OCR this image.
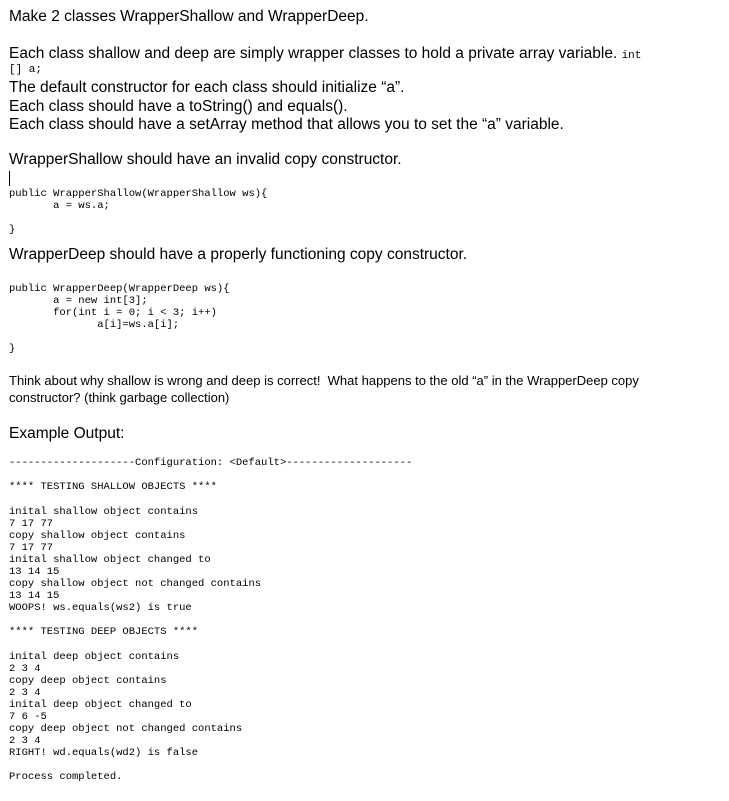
Make 2 classes WrapperShallow and WrapperDeep.

Each class shallow and deep are simply wrapper classes to hold a private array variable. int

[] a;

The default constructor for each class should initialize “a”.

Each class should have a toString() and equals().

Each class should have a setArray method that allows you to set the “a” variable.

WrapperShallow should have an invalid copy constructor.

public WrapperShallow(WrapperShallow ws){
a = ws.a;
}

WrapperDeep should have a properly functioning copy constructor.

public WrapperDeep(WrapperDeep ws){
a = new int[3];
for(int i = 0; i < 3; i++)
a[i]=ws.a[i];
}

Think about why shallow is wrong and deep is correct!  What happens to the old “a” in the WrapperDeep copy

constructor? (think garbage collection)

Example Output:

--------------------Configuration: <Default>--------------------
**** TESTING SHALLOW OBJECTS ****
inital shallow object contains
7 17 77
copy shallow object contains
7 17 77
inital shallow object changed to
13 14 15
copy shallow object not changed contains
13 14 15
WOOPS! ws.equals(ws2) is true
**** TESTING DEEP OBJECTS ****
inital deep object contains
2 3 4
copy deep object contains
2 3 4
inital deep object changed to
7 6 -5
copy deep object not changed contains
2 3 4
RIGHT! wd.equals(wd2) is false
Process completed.
